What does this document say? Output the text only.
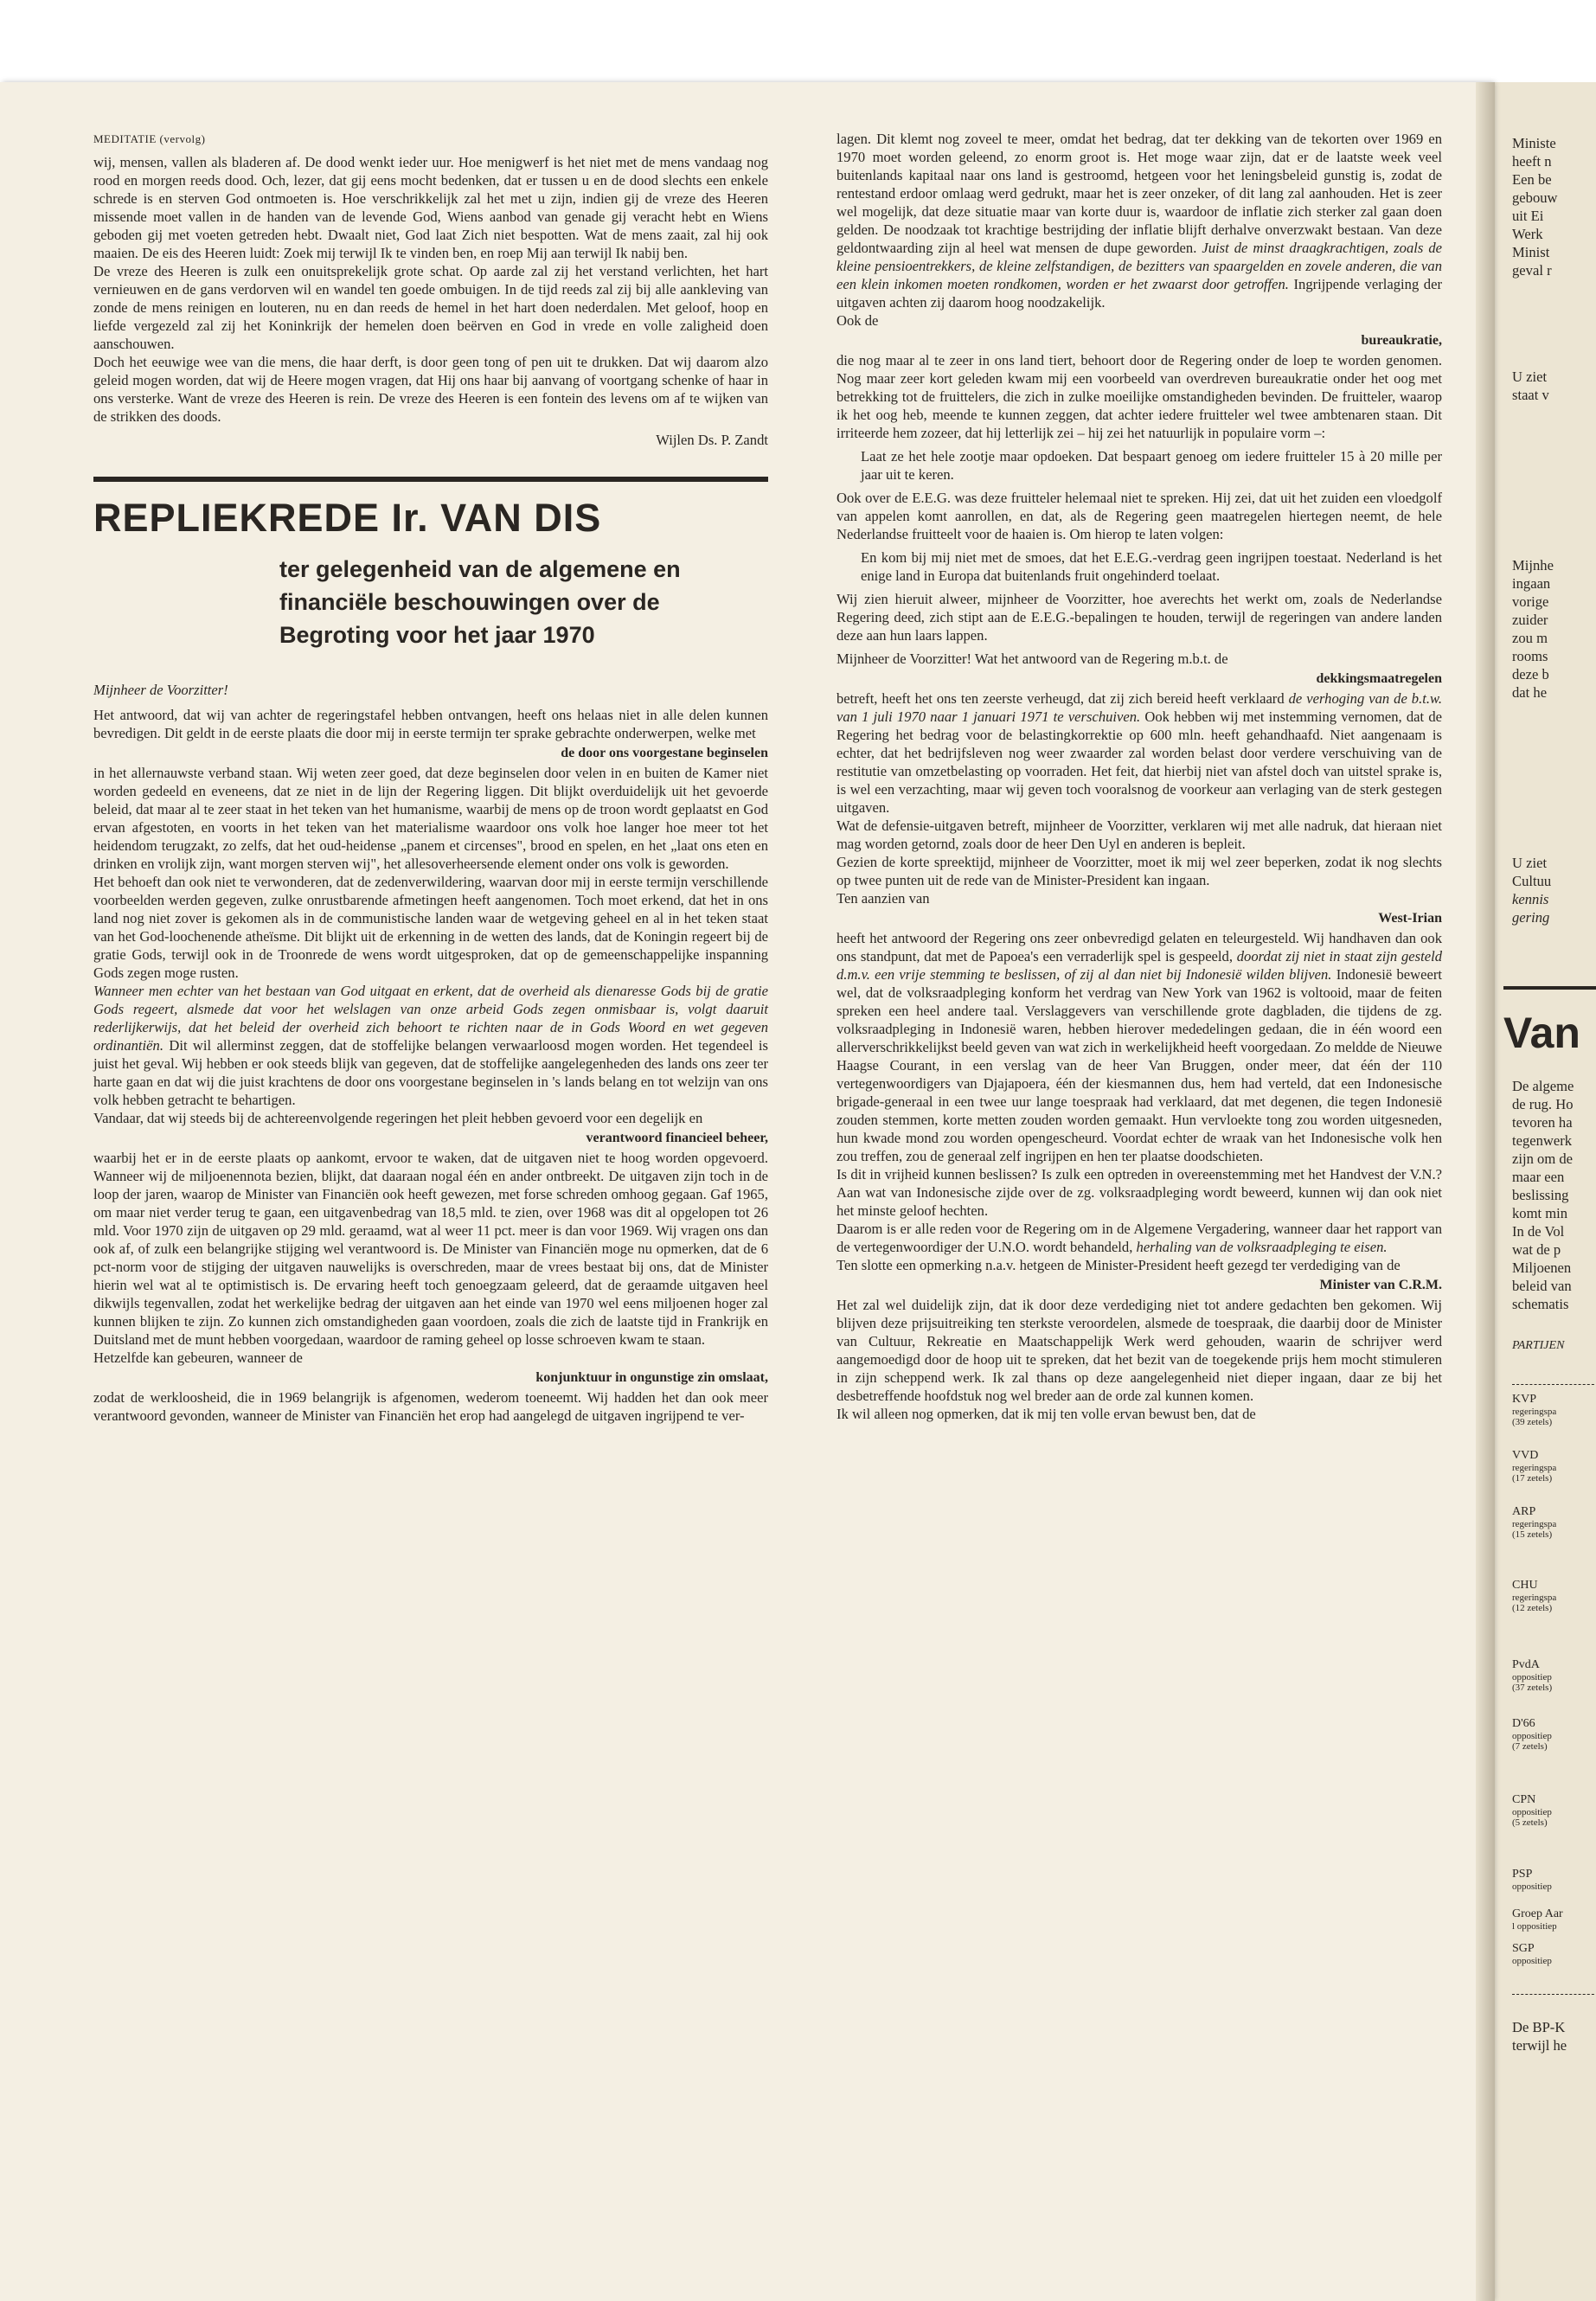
Ministe
heeft n
Een be
gebouw
uit Ei
Werk
Minist
geval r
U ziet
staat v
Mijnhe
ingaan
vorige
zuider
zou m
rooms
deze b
dat he
U ziet
Cultuu
kennis
gering
Van
De algeme
de rug. Ho
tevoren ha
tegenwerk
zijn om de
maar een
beslissing
komt min
In de Vol
wat de p
Miljoenen
beleid van
schematis
PARTIJEN
KVP
regeringspa
(39 zetels)
VVD
regeringspa
(17 zetels)
ARP
regeringspa
(15 zetels)
CHU
regeringspa
(12 zetels)
PvdA
oppositiep
(37 zetels)
D'66
oppositiep
(7 zetels)
CPN
oppositiep
(5 zetels)
PSP
oppositiep
Groep Aar
l oppositiep
SGP
oppositiep
De BP-K
terwijl he

MEDITATIE (vervolg)

wij, mensen, vallen als bladeren af. De dood wenkt ieder uur. Hoe menigwerf is het niet met de mens vandaag nog rood en morgen reeds dood. Och, lezer, dat gij eens mocht bedenken, dat er tussen u en de dood slechts een enkele schrede is en sterven God ontmoeten is. Hoe verschrikkelijk zal het met u zijn, indien gij de vreze des Heeren missende moet vallen in de handen van de levende God, Wiens aanbod van genade gij veracht hebt en Wiens geboden gij met voeten getreden hebt. Dwaalt niet, God laat Zich niet bespotten. Wat de mens zaait, zal hij ook maaien. De eis des Heeren luidt: Zoek mij terwijl Ik te vinden ben, en roep Mij aan terwijl Ik nabij ben.

De vreze des Heeren is zulk een onuitsprekelijk grote schat. Op aarde zal zij het verstand verlichten, het hart vernieuwen en de gans verdorven wil en wandel ten goede ombuigen. In de tijd reeds zal zij bij alle aankleving van zonde de mens reinigen en louteren, nu en dan reeds de hemel in het hart doen nederdalen. Met geloof, hoop en liefde vergezeld zal zij het Koninkrijk der hemelen doen beërven en God in vrede en volle zaligheid doen aanschouwen.

Doch het eeuwige wee van die mens, die haar derft, is door geen tong of pen uit te drukken. Dat wij daarom alzo geleid mogen worden, dat wij de Heere mogen vragen, dat Hij ons haar bij aanvang of voortgang schenke of haar in ons versterke. Want de vreze des Heeren is rein. De vreze des Heeren is een fontein des levens om af te wijken van de strikken des doods.

Wijlen Ds. P. Zandt

REPLIEKREDE Ir. VAN DIS

ter gelegenheid van de algemene en financiële beschouwingen over de Begroting voor het jaar 1970

Mijnheer de Voorzitter!

Het antwoord, dat wij van achter de regeringstafel hebben ontvangen, heeft ons helaas niet in alle delen kunnen bevredigen. Dit geldt in de eerste plaats die door mij in eerste termijn ter sprake gebrachte onderwerpen, welke met

de door ons voorgestane beginselen

in het allernauwste verband staan. Wij weten zeer goed, dat deze beginselen door velen in en buiten de Kamer niet worden gedeeld en eveneens, dat ze niet in de lijn der Regering liggen. Dit blijkt overduidelijk uit het gevoerde beleid, dat maar al te zeer staat in het teken van het humanisme, waarbij de mens op de troon wordt geplaatst en God ervan afgestoten, en voorts in het teken van het materialisme waardoor ons volk hoe langer hoe meer tot het heidendom terugzakt, zo zelfs, dat het oud-heidense „panem et circenses", brood en spelen, en het „laat ons eten en drinken en vrolijk zijn, want morgen sterven wij", het allesoverheersende element onder ons volk is geworden.

Het behoeft dan ook niet te verwonderen, dat de zedenverwildering, waarvan door mij in eerste termijn verschillende voorbeelden werden gegeven, zulke onrustbarende afmetingen heeft aangenomen. Toch moet erkend, dat het in ons land nog niet zover is gekomen als in de communistische landen waar de wetgeving geheel en al in het teken staat van het God-loochenende atheïsme. Dit blijkt uit de erkenning in de wetten des lands, dat de Koningin regeert bij de gratie Gods, terwijl ook in de Troonrede de wens wordt uitgesproken, dat op de gemeenschappelijke inspanning Gods zegen moge rusten.

Wanneer men echter van het bestaan van God uitgaat en erkent, dat de overheid als dienaresse Gods bij de gratie Gods regeert, alsmede dat voor het welslagen van onze arbeid Gods zegen onmisbaar is, volgt daaruit rederlijkerwijs, dat het beleid der overheid zich behoort te richten naar de in Gods Woord en wet gegeven ordinantiën. Dit wil allerminst zeggen, dat de stoffelijke belangen verwaarloosd mogen worden. Het tegendeel is juist het geval. Wij hebben er ook steeds blijk van gegeven, dat de stoffelijke aangelegenheden des lands ons zeer ter harte gaan en dat wij die juist krachtens de door ons voorgestane beginselen in 's lands belang en tot welzijn van ons volk hebben getracht te behartigen.

Vandaar, dat wij steeds bij de achtereenvolgende regeringen het pleit hebben gevoerd voor een degelijk en

verantwoord financieel beheer,

waarbij het er in de eerste plaats op aankomt, ervoor te waken, dat de uitgaven niet te hoog worden opgevoerd. Wanneer wij de miljoenennota bezien, blijkt, dat daaraan nogal één en ander ontbreekt. De uitgaven zijn toch in de loop der jaren, waarop de Minister van Financiën ook heeft gewezen, met forse schreden omhoog gegaan. Gaf 1965, om maar niet verder terug te gaan, een uitgavenbedrag van 18,5 mld. te zien, over 1968 was dit al opgelopen tot 26 mld. Voor 1970 zijn de uitgaven op 29 mld. geraamd, wat al weer 11 pct. meer is dan voor 1969. Wij vragen ons dan ook af, of zulk een belangrijke stijging wel verantwoord is. De Minister van Financiën moge nu opmerken, dat de 6 pct-norm voor de stijging der uitgaven nauwelijks is overschreden, maar de vrees bestaat bij ons, dat de Minister hierin wel wat al te optimistisch is. De ervaring heeft toch genoegzaam geleerd, dat de geraamde uitgaven heel dikwijls tegenvallen, zodat het werkelijke bedrag der uitgaven aan het einde van 1970 wel eens miljoenen hoger zal kunnen blijken te zijn. Zo kunnen zich omstandigheden gaan voordoen, zoals die zich de laatste tijd in Frankrijk en Duitsland met de munt hebben voorgedaan, waardoor de raming geheel op losse schroeven kwam te staan.

Hetzelfde kan gebeuren, wanneer de

konjunktuur in ongunstige zin omslaat,

zodat de werkloosheid, die in 1969 belangrijk is afgenomen, wederom toeneemt. Wij hadden het dan ook meer verantwoord gevonden, wanneer de Minister van Financiën het erop had aangelegd de uitgaven ingrijpend te ver-

lagen. Dit klemt nog zoveel te meer, omdat het bedrag, dat ter dekking van de tekorten over 1969 en 1970 moet worden geleend, zo enorm groot is. Het moge waar zijn, dat er de laatste week veel buitenlands kapitaal naar ons land is gestroomd, hetgeen voor het leningsbeleid gunstig is, zodat de rentestand erdoor omlaag werd gedrukt, maar het is zeer onzeker, of dit lang zal aanhouden. Het is zeer wel mogelijk, dat deze situatie maar van korte duur is, waardoor de inflatie zich sterker zal gaan doen gelden. De noodzaak tot krachtige bestrijding der inflatie blijft derhalve onverzwakt bestaan. Van deze geldontwaarding zijn al heel wat mensen de dupe geworden. Juist de minst draagkrachtigen, zoals de kleine pensioentrekkers, de kleine zelfstandigen, de bezitters van spaargelden en zovele anderen, die van een klein inkomen moeten rondkomen, worden er het zwaarst door getroffen. Ingrijpende verlaging der uitgaven achten zij daarom hoog noodzakelijk.

Ook de

bureaukratie,

die nog maar al te zeer in ons land tiert, behoort door de Regering onder de loep te worden genomen. Nog maar zeer kort geleden kwam mij een voorbeeld van overdreven bureaukratie onder het oog met betrekking tot de fruittelers, die zich in zulke moeilijke omstandigheden bevinden. De fruitteler, waarop ik het oog heb, meende te kunnen zeggen, dat achter iedere fruitteler wel twee ambtenaren staan. Dit irriteerde hem zozeer, dat hij letterlijk zei – hij zei het natuurlijk in populaire vorm –:

Laat ze het hele zootje maar opdoeken. Dat bespaart genoeg om iedere fruitteler 15 à 20 mille per jaar uit te keren.

Ook over de E.E.G. was deze fruitteler helemaal niet te spreken. Hij zei, dat uit het zuiden een vloedgolf van appelen komt aanrollen, en dat, als de Regering geen maatregelen hiertegen neemt, de hele Nederlandse fruitteelt voor de haaien is. Om hierop te laten volgen:

En kom bij mij niet met de smoes, dat het E.E.G.-verdrag geen ingrijpen toestaat. Nederland is het enige land in Europa dat buitenlands fruit ongehinderd toelaat.

Wij zien hieruit alweer, mijnheer de Voorzitter, hoe averechts het werkt om, zoals de Nederlandse Regering deed, zich stipt aan de E.E.G.-bepalingen te houden, terwijl de regeringen van andere landen deze aan hun laars lappen.

Mijnheer de Voorzitter! Wat het antwoord van de Regering m.b.t. de

dekkingsmaatregelen

betreft, heeft het ons ten zeerste verheugd, dat zij zich bereid heeft verklaard de verhoging van de b.t.w. van 1 juli 1970 naar 1 januari 1971 te verschuiven. Ook hebben wij met instemming vernomen, dat de Regering het bedrag voor de belastingkorrektie op 600 mln. heeft gehandhaafd. Niet aangenaam is echter, dat het bedrijfsleven nog weer zwaarder zal worden belast door verdere verschuiving van de restitutie van omzetbelasting op voorraden. Het feit, dat hierbij niet van afstel doch van uitstel sprake is, is wel een verzachting, maar wij geven toch vooralsnog de voorkeur aan verlaging van de sterk gestegen uitgaven.

Wat de defensie-uitgaven betreft, mijnheer de Voorzitter, verklaren wij met alle nadruk, dat hieraan niet mag worden getornd, zoals door de heer Den Uyl en anderen is bepleit.

Gezien de korte spreektijd, mijnheer de Voorzitter, moet ik mij wel zeer beperken, zodat ik nog slechts op twee punten uit de rede van de Minister-President kan ingaan.

Ten aanzien van

West-Irian

heeft het antwoord der Regering ons zeer onbevredigd gelaten en teleurgesteld. Wij handhaven dan ook ons standpunt, dat met de Papoea's een verraderlijk spel is gespeeld, doordat zij niet in staat zijn gesteld d.m.v. een vrije stemming te beslissen, of zij al dan niet bij Indonesië wilden blijven. Indonesië beweert wel, dat de volksraadpleging konform het verdrag van New York van 1962 is voltooid, maar de feiten spreken een heel andere taal. Verslaggevers van verschillende grote dagbladen, die tijdens de zg. volksraadpleging in Indonesië waren, hebben hierover mededelingen gedaan, die in één woord een allerverschrikkelijkst beeld geven van wat zich in werkelijkheid heeft voorgedaan. Zo meldde de Nieuwe Haagse Courant, in een verslag van de heer Van Bruggen, onder meer, dat één der 110 vertegenwoordigers van Djajapoera, één der kiesmannen dus, hem had verteld, dat een Indonesische brigade-generaal in een twee uur lange toespraak had verklaard, dat met degenen, die tegen Indonesië zouden stemmen, korte metten zouden worden gemaakt. Hun vervloekte tong zou worden uitgesneden, hun kwade mond zou worden opengescheurd. Voordat echter de wraak van het Indonesische volk hen zou treffen, zou de generaal zelf ingrijpen en hen ter plaatse doodschieten.

Is dit in vrijheid kunnen beslissen? Is zulk een optreden in overeenstemming met het Handvest der V.N.? Aan wat van Indonesische zijde over de zg. volksraadpleging wordt beweerd, kunnen wij dan ook niet het minste geloof hechten.

Daarom is er alle reden voor de Regering om in de Algemene Vergadering, wanneer daar het rapport van de vertegenwoordiger der U.N.O. wordt behandeld, herhaling van de volksraadpleging te eisen.

Ten slotte een opmerking n.a.v. hetgeen de Minister-President heeft gezegd ter verdediging van de

Minister van C.R.M.

Het zal wel duidelijk zijn, dat ik door deze verdediging niet tot andere gedachten ben gekomen. Wij blijven deze prijsuitreiking ten sterkste veroordelen, alsmede de toespraak, die daarbij door de Minister van Cultuur, Rekreatie en Maatschappelijk Werk werd gehouden, waarin de schrijver werd aangemoedigd door de hoop uit te spreken, dat het bezit van de toegekende prijs hem mocht stimuleren in zijn scheppend werk. Ik zal thans op deze aangelegenheid niet dieper ingaan, daar ze bij het desbetreffende hoofdstuk nog wel breder aan de orde zal kunnen komen.

Ik wil alleen nog opmerken, dat ik mij ten volle ervan bewust ben, dat de
